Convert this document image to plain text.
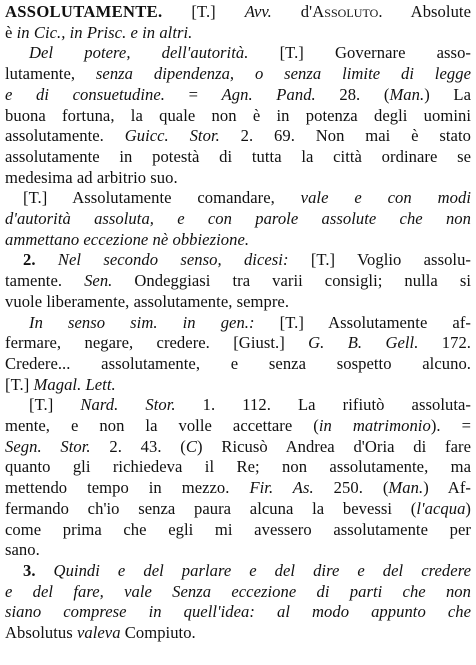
ASSOLUTAMENTE. [T.] Avv. d'Assoluto. Absolute
è in Cic., in Prisc. e in altri.
Del potere, dell'autorità. [T.] Governare asso-
lutamente, senza dipendenza, o senza limite di legge
e di consuetudine. = Agn. Pand. 28. (Man.) La
buona fortuna, la quale non è in potenza degli uomini
assolutamente. Guicc. Stor. 2. 69. Non mai è stato
assolutamente in potestà di tutta la città ordinare se
medesima ad arbitrio suo.
[T.] Assolutamente comandare, vale e con modi
d'autorità assoluta, e con parole assolute che non
ammettano eccezione nè obbiezione.
2. Nel secondo senso, dicesi: [T.] Voglio assolu-
tamente. Sen. Ondeggiasi tra varii consigli; nulla si
vuole liberamente, assolutamente, sempre.
In senso sim. in gen.: [T.] Assolutamente af-
fermare, negare, credere. [Giust.] G. B. Gell. 172.
Credere... assolutamente, e senza sospetto alcuno.
[T.] Magal. Lett.
[T.] Nard. Stor. 1. 112. La rifiutò assoluta-
mente, e non la volle accettare (in matrimonio). =
Segn. Stor. 2. 43. (C) Ricusò Andrea d'Oria di fare
quanto gli richiedeva il Re; non assolutamente, ma
mettendo tempo in mezzo. Fir. As. 250. (Man.) Af-
fermando ch'io senza paura alcuna la bevessi (l'acqua)
come prima che egli mi avessero assolutamente per
sano.
3. Quindi e del parlare e del dire e del credere
e del fare, vale Senza eccezione di parti che non
siano comprese in quell'idea: al modo appunto che
Absolutus valeva Compiuto.
